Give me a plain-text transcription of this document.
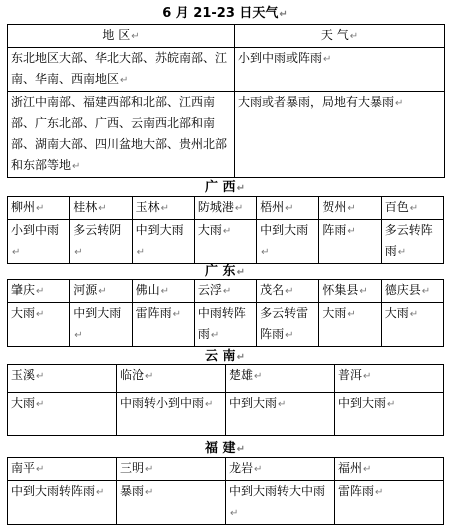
6 月 21-23 日天气↵
地 区↵	天 气↵
东北地区大部、华北大部、苏皖南部、江南、华南、西南地区↵	小到中雨或阵雨↵
浙江中南部、福建西部和北部、江西南部、广东北部、广西、云南西北部和南部、湖南大部、四川盆地大部、贵州北部和东部等地↵	大雨或者暴雨，局地有大暴雨↵
广 西↵
柳州↵	桂林↵	玉林↵	防城港↵	梧州↵	贺州↵	百色↵
小到中雨↵	多云转阴↵	中到大雨↵	大雨↵	中到大雨↵	阵雨↵	多云转阵雨↵
广 东↵
肇庆↵	河源↵	佛山↵	云浮↵	茂名↵	怀集县↵	德庆县↵
大雨↵	中到大雨↵	雷阵雨↵	中雨转阵雨↵	多云转雷阵雨↵	大雨↵	大雨↵
云 南↵
玉溪↵	临沧↵	楚雄↵	普洱↵
大雨↵	中雨转小到中雨↵	中到大雨↵	中到大雨↵
福 建↵
南平↵	三明↵	龙岩↵	福州↵
中到大雨转阵雨↵	暴雨↵	中到大雨转大中雨↵	雷阵雨↵
